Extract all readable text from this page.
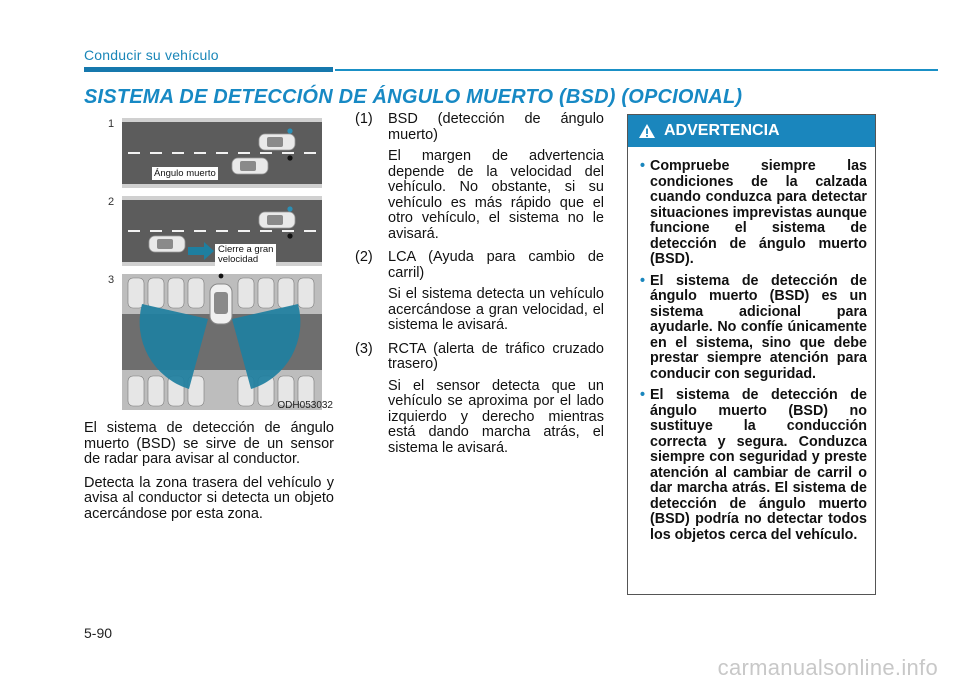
Conducir su vehículo
SISTEMA DE DETECCIÓN DE ÁNGULO MUERTO (BSD) (OPCIONAL)
1
2
3
Ángulo muerto
Cierre a gran
velocidad
ODH053032

El sistema de detección de ángulo muerto (BSD) se sirve de un sensor de radar para avisar al conductor.

Detecta la zona trasera del vehículo y avisa al conductor si detecta un objeto acercándose por esta zona.

(1)	BSD (detección de ángulo muerto)
El margen de advertencia depende de la velocidad del vehículo. No obstante, si su vehículo es más rápido que el otro vehículo, el sistema no le avisará.
(2)	LCA (Ayuda para cambio de carril)
Si el sistema detecta un vehículo acercándose a gran velocidad, el sistema le avisará.
(3)	RCTA (alerta de tráfico cruzado trasero)
Si el sensor detecta que un vehículo se aproxima por el lado izquierdo y derecho mientras está dando marcha atrás, el sistema le avisará.
ADVERTENCIA
• Compruebe siempre las condiciones de la calzada cuando conduzca para detectar situaciones imprevistas aunque funcione el sistema de detección de ángulo muerto (BSD).
• El sistema de detección de ángulo muerto (BSD) es un sistema adicional para ayudarle. No confíe únicamente en el sistema, sino que debe prestar siempre atención para conducir con seguridad.
• El sistema de detección de ángulo muerto (BSD) no sustituye la conducción correcta y segura. Conduzca siempre con seguridad y preste atención al cambiar de carril o dar marcha atrás. El sistema de detección de ángulo muerto (BSD) podría no detectar todos los objetos cerca del vehículo.
5-90
carmanualsonline.info
